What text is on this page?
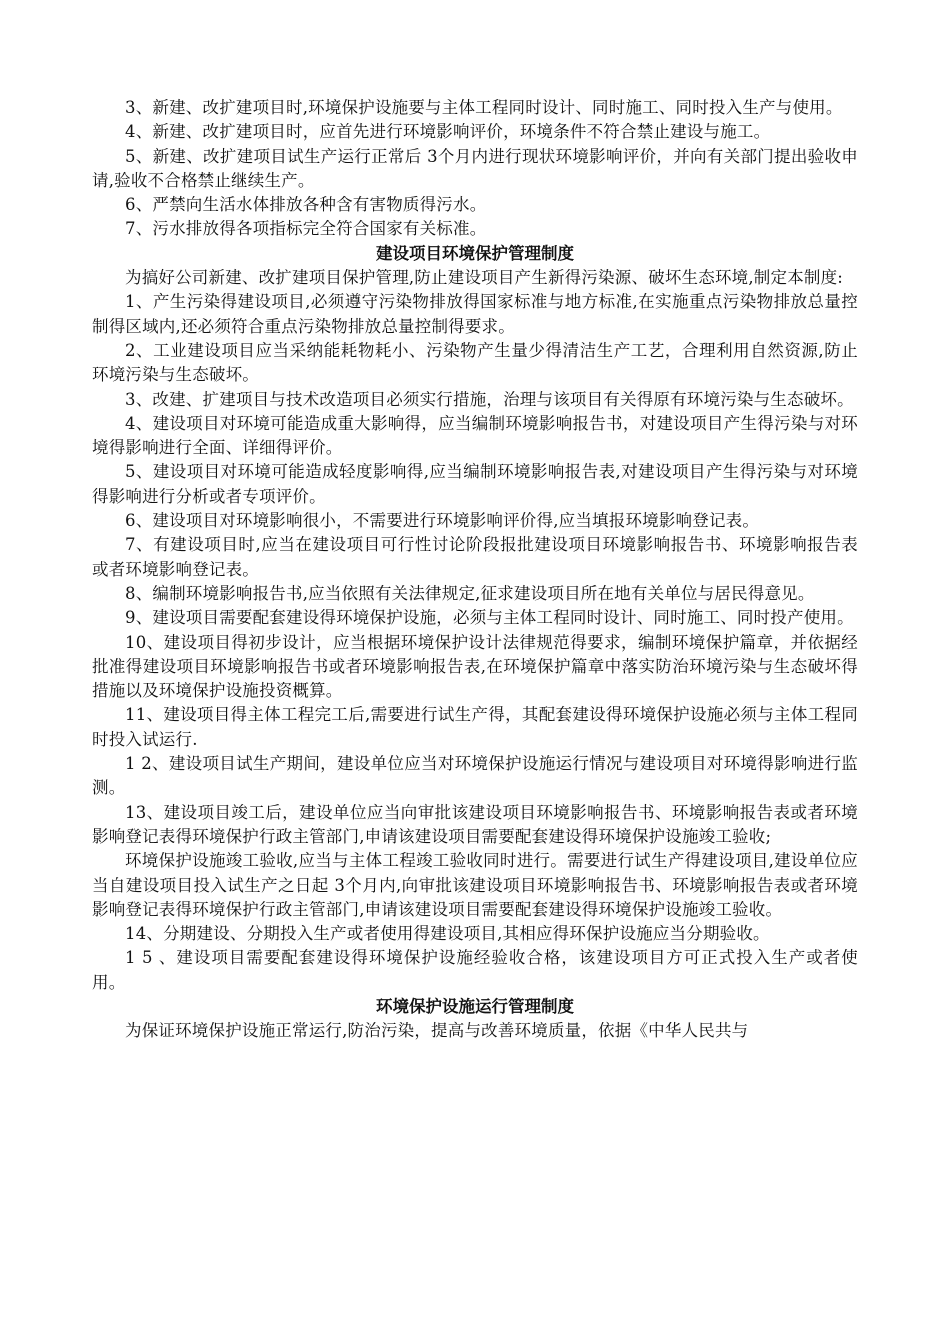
3、新建、改扩建项目时,环境保护设施要与主体工程同时设计、同时施工、同时投入生产与使用。

4、新建、改扩建项目时，应首先进行环境影响评价，环境条件不符合禁止建设与施工。

5、新建、改扩建项目试生产运行正常后 3个月内进行现状环境影响评价，并向有关部门提出验收申请,验收不合格禁止继续生产。

6、严禁向生活水体排放各种含有害物质得污水。

7、污水排放得各项指标完全符合国家有关标准。

建设项目环境保护管理制度

为搞好公司新建、改扩建项目保护管理,防止建设项目产生新得污染源、破坏生态环境,制定本制度:

1、产生污染得建设项目,必须遵守污染物排放得国家标准与地方标准,在实施重点污染物排放总量控制得区域内,还必须符合重点污染物排放总量控制得要求。

2、工业建设项目应当采纳能耗物耗小、污染物产生量少得清洁生产工艺，合理利用自然资源,防止环境污染与生态破坏。

3、改建、扩建项目与技术改造项目必须实行措施，治理与该项目有关得原有环境污染与生态破坏。

4、建设项目对环境可能造成重大影响得，应当编制环境影响报告书，对建设项目产生得污染与对环境得影响进行全面、详细得评价。

5、建设项目对环境可能造成轻度影响得,应当编制环境影响报告表,对建设项目产生得污染与对环境得影响进行分析或者专项评价。

6、建设项目对环境影响很小，不需要进行环境影响评价得,应当填报环境影响登记表。

7、有建设项目时,应当在建设项目可行性讨论阶段报批建设项目环境影响报告书、环境影响报告表或者环境影响登记表。

8、编制环境影响报告书,应当依照有关法律规定,征求建设项目所在地有关单位与居民得意见。

9、建设项目需要配套建设得环境保护设施，必须与主体工程同时设计、同时施工、同时投产使用。

10、建设项目得初步设计，应当根据环境保护设计法律规范得要求，编制环境保护篇章，并依据经批准得建设项目环境影响报告书或者环境影响报告表,在环境保护篇章中落实防治环境污染与生态破坏得措施以及环境保护设施投资概算。

11、建设项目得主体工程完工后,需要进行试生产得，其配套建设得环境保护设施必须与主体工程同时投入试运行.

1 2、建设项目试生产期间，建设单位应当对环境保护设施运行情况与建设项目对环境得影响进行监测。

13、建设项目竣工后，建设单位应当向审批该建设项目环境影响报告书、环境影响报告表或者环境影响登记表得环境保护行政主管部门,申请该建设项目需要配套建设得环境保护设施竣工验收;

环境保护设施竣工验收,应当与主体工程竣工验收同时进行。需要进行试生产得建设项目,建设单位应当自建设项目投入试生产之日起 3个月内,向审批该建设项目环境影响报告书、环境影响报告表或者环境影响登记表得环境保护行政主管部门,申请该建设项目需要配套建设得环境保护设施竣工验收。

14、分期建设、分期投入生产或者使用得建设项目,其相应得环保护设施应当分期验收。

1 5 、建设项目需要配套建设得环境保护设施经验收合格，该建设项目方可正式投入生产或者使用。

环境保护设施运行管理制度

为保证环境保护设施正常运行,防治污染，提高与改善环境质量，依据《中华人民共与
